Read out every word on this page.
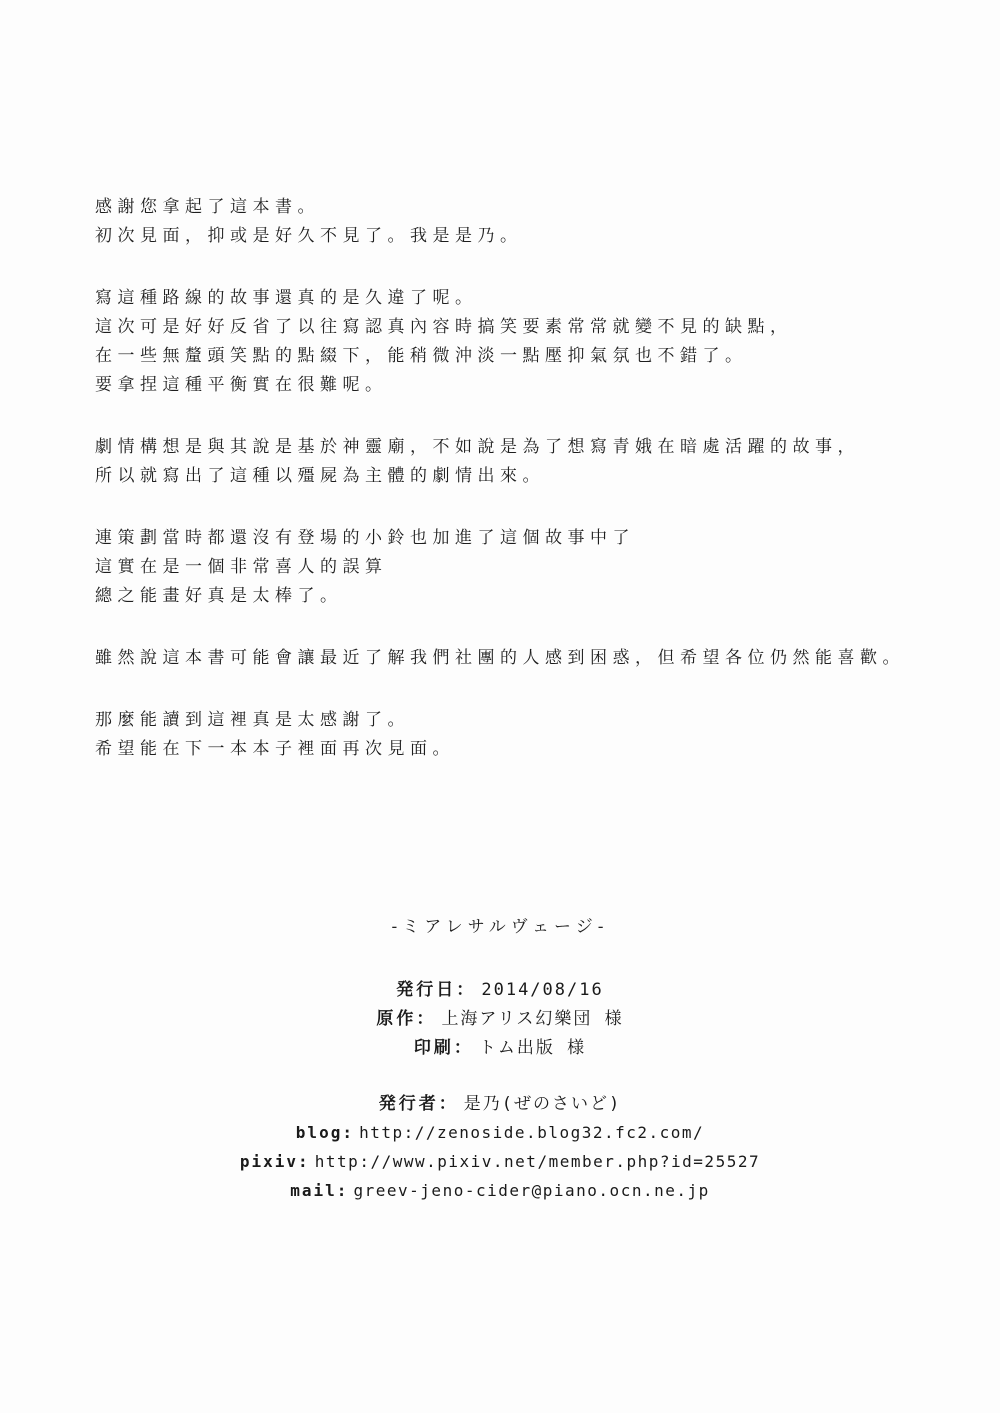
感謝您拿起了這本書。
初次見面，抑或是好久不見了。我是是乃。
寫這種路線的故事還真的是久違了呢。
這次可是好好反省了以往寫認真內容時搞笑要素常常就變不見的缺點，
在一些無釐頭笑點的點綴下，能稍微沖淡一點壓抑氣氛也不錯了。
要拿捏這種平衡實在很難呢。
劇情構想是與其說是基於神靈廟，不如說是為了想寫青娥在暗處活躍的故事，
所以就寫出了這種以殭屍為主體的劇情出來。
連策劃當時都還沒有登場的小鈴也加進了這個故事中了
這實在是一個非常喜人的誤算
總之能畫好真是太棒了。
雖然說這本書可能會讓最近了解我們社團的人感到困惑，但希望各位仍然能喜歡。
那麼能讀到這裡真是太感謝了。
希望能在下一本本子裡面再次見面。
-ミアレサルヴェージ-
発行日： 2014/08/16
原作： 上海アリス幻樂団 様
印刷： トム出版 様
発行者： 是乃(ぜのさいど)
blog: http://zenoside.blog32.fc2.com/
pixiv: http://www.pixiv.net/member.php?id=25527
mail: greev-jeno-cider@piano.ocn.ne.jp
